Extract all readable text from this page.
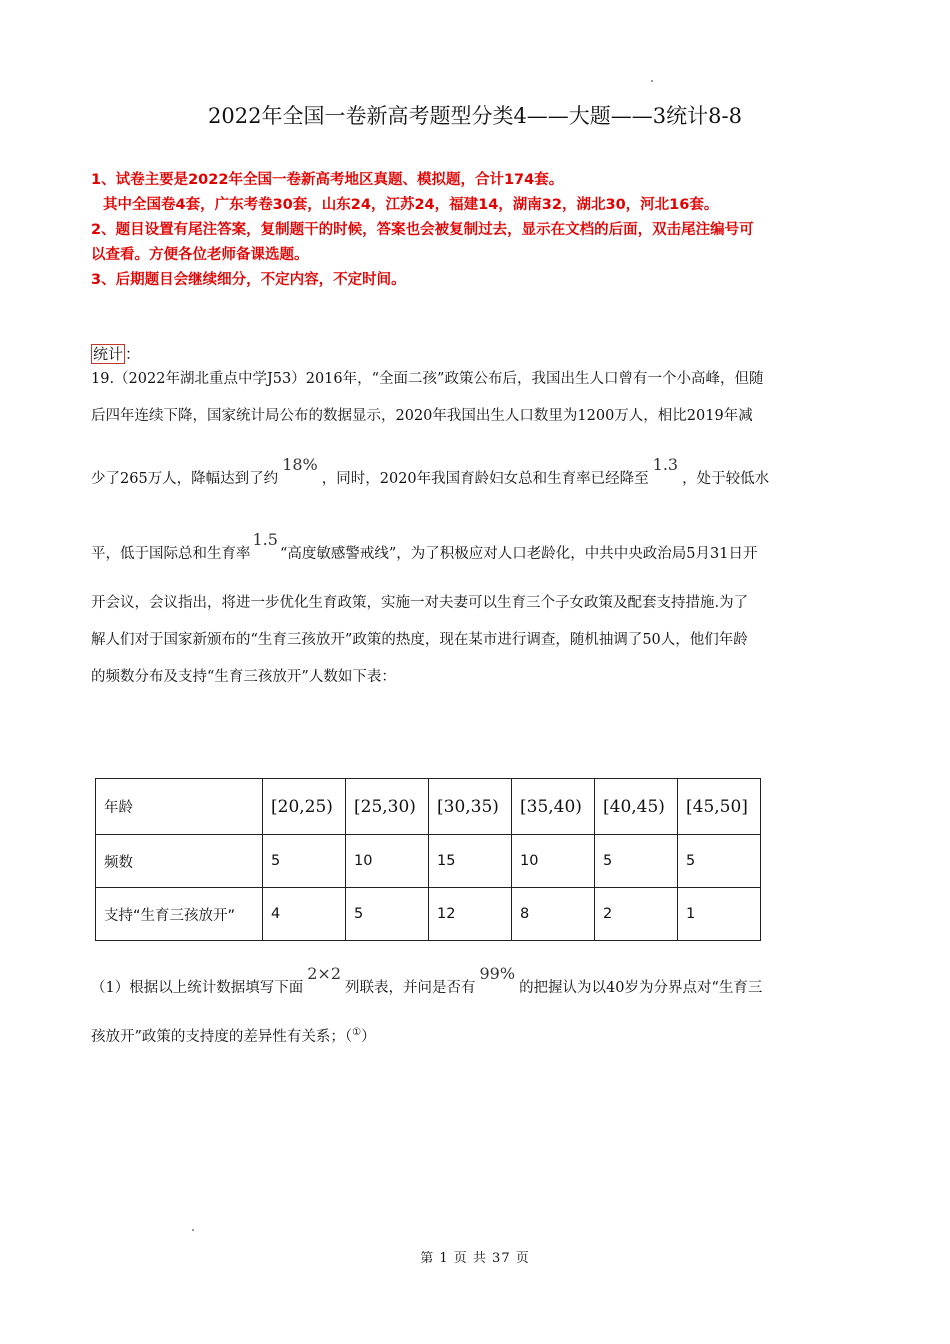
2022年全国一卷新高考题型分类4——大题——3统计8-8
1、试卷主要是2022年全国一卷新高考地区真题、模拟题，合计174套。
其中全国卷4套，广东考卷30套，山东24，江苏24，福建14，湖南32，湖北30，河北16套。
2、题目设置有尾注答案，复制题干的时候，答案也会被复制过去，显示在文档的后面，双击尾注编号可
以查看。方便各位老师备课选题。
3、后期题目会继续细分，不定内容，不定时间。
统计 ：
19.（2022年湖北重点中学J53）2016年，“全面二孩”政策公布后，我国出生人口曾有一个小高峰，但随
后四年连续下降，国家统计局公布的数据显示，2020年我国出生人口数里为1200万人，相比2019年减
少了265万人，降幅达到了约18%，同时，2020年我国育龄妇女总和生育率已经降至1.3，处于较低水
平，低于国际总和生育率1.5“高度敏感警戒线”，为了积极应对人口老龄化，中共中央政治局5月31日开
开会议，会议指出，将进一步优化生育政策，实施一对夫妻可以生育三个子女政策及配套支持措施.为了
解人们对于国家新颁布的“生育三孩放开”政策的热度，现在某市进行调查，随机抽调了50人，他们年龄
的频数分布及支持“生育三孩放开”人数如下表：
年龄	[20,25)	[25,30)	[30,35)	[35,40)	[40,45)	[45,50]
频数	5	10	15	10	5	5
支持“生育三孩放开”	4	5	12	8	2	1
（1）根据以上统计数据填写下面2×2列联表，并问是否有99%的把握认为以40岁为分界点对“生育三
孩放开”政策的支持度的差异性有关系；（①）
第 1 页 共 37 页
